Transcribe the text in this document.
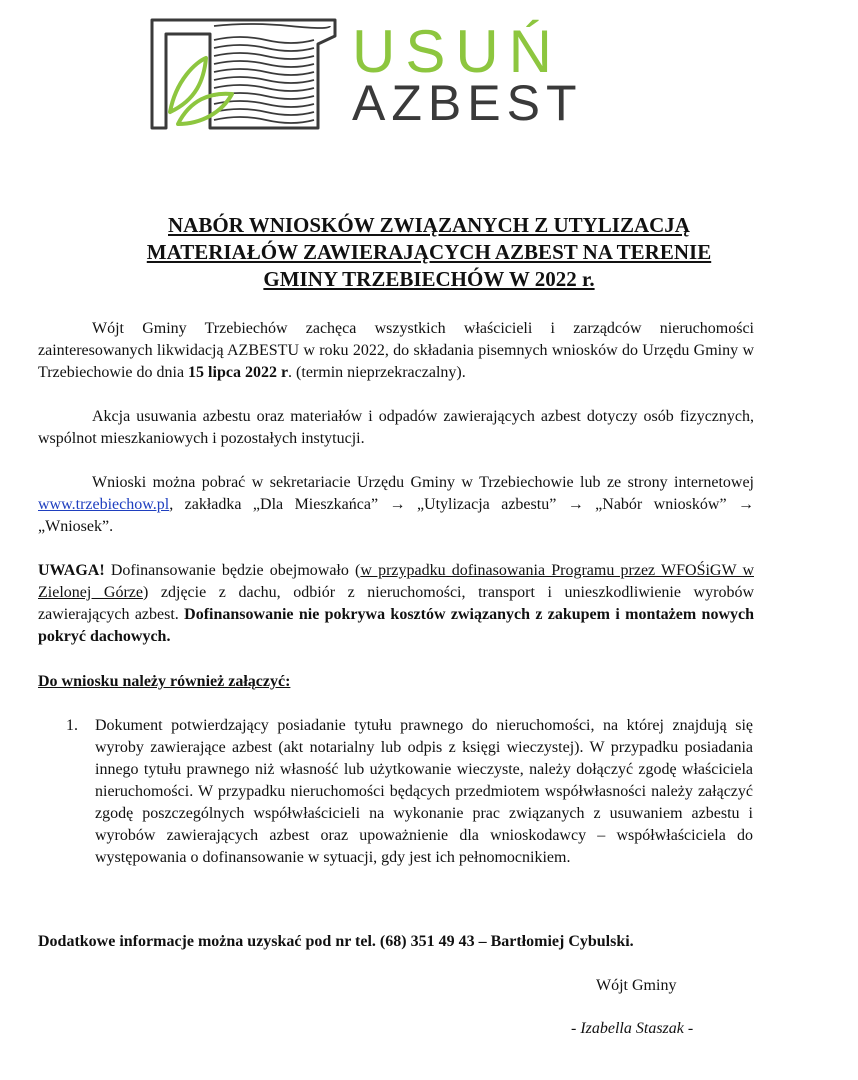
USUŃ
AZBEST
NABÓR WNIOSKÓW ZWIĄZANYCH Z UTYLIZACJĄ
MATERIAŁÓW ZAWIERAJĄCYCH AZBEST NA TERENIE
GMINY TRZEBIECHÓW W 2022 r.
Wójt Gminy Trzebiechów zachęca wszystkich właścicieli i zarządców nieruchomości zainteresowanych likwidacją AZBESTU w roku 2022, do składania pisemnych wniosków do Urzędu Gminy w Trzebiechowie do dnia 15 lipca 2022 r. (termin nieprzekraczalny).
Akcja usuwania azbestu oraz materiałów i odpadów zawierających azbest dotyczy osób fizycznych, wspólnot mieszkaniowych i pozostałych instytucji.
Wnioski można pobrać w sekretariacie Urzędu Gminy w Trzebiechowie lub ze strony internetowej www.trzebiechow.pl, zakładka „Dla Mieszkańca” → „Utylizacja azbestu” → „Nabór wniosków” → „Wniosek”.
UWAGA! Dofinansowanie będzie obejmowało (w przypadku dofinasowania Programu przez WFOŚiGW w Zielonej Górze) zdjęcie z dachu, odbiór z nieruchomości, transport i unieszkodliwienie wyrobów zawierających azbest. Dofinansowanie nie pokrywa kosztów związanych z zakupem i montażem nowych pokryć dachowych.
Do wniosku należy również załączyć:
1. Dokument potwierdzający posiadanie tytułu prawnego do nieruchomości, na której znajdują się wyroby zawierające azbest (akt notarialny lub odpis z księgi wieczystej). W przypadku posiadania innego tytułu prawnego niż własność lub użytkowanie wieczyste, należy dołączyć zgodę właściciela nieruchomości. W przypadku nieruchomości będących przedmiotem współwłasności należy załączyć zgodę poszczególnych współwłaścicieli na wykonanie prac związanych z usuwaniem azbestu i wyrobów zawierających azbest oraz upoważnienie dla wnioskodawcy – współwłaściciela do występowania o dofinansowanie w sytuacji, gdy jest ich pełnomocnikiem.
Dodatkowe informacje można uzyskać pod nr tel. (68) 351 49 43 – Bartłomiej Cybulski.
Wójt Gminy
- Izabella Staszak -
